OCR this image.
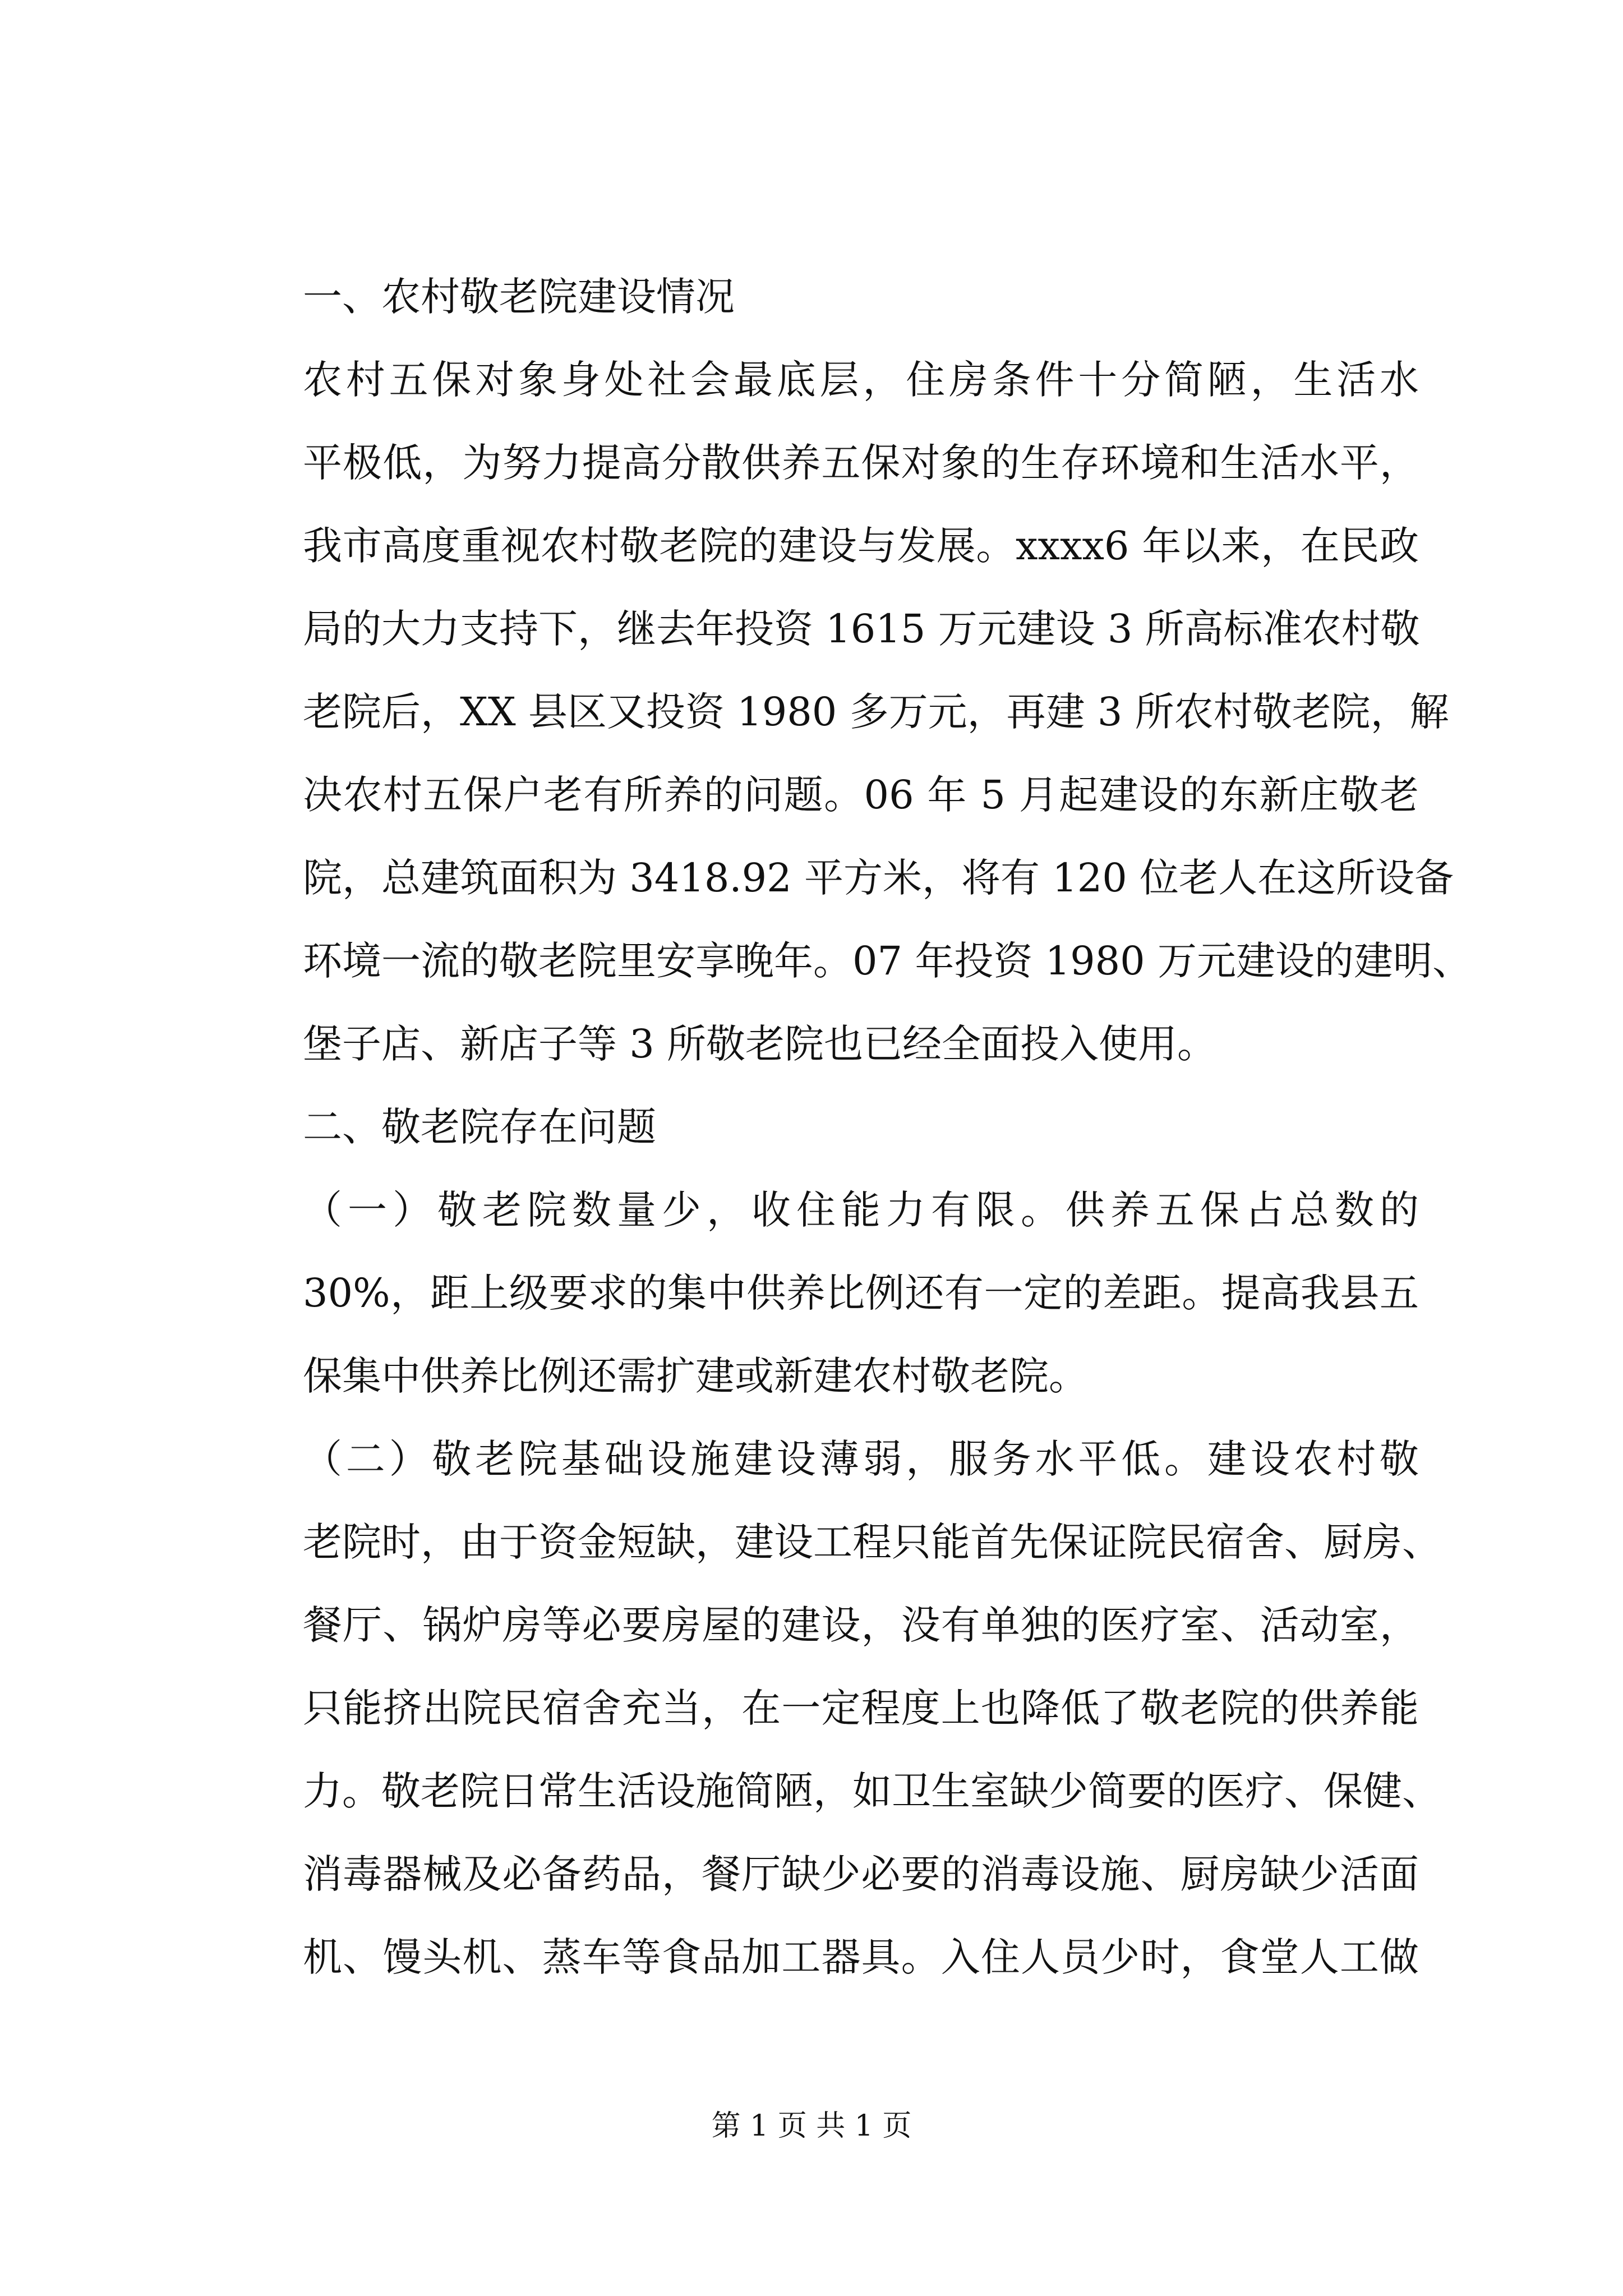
一、农村敬老院建设情况
农村五保对象身处社会最底层，住房条件十分简陋，生活水
平极低，为努力提高分散供养五保对象的生存环境和生活水平，
我市高度重视农村敬老院的建设与发展。xxxx6 年以来，在民政
局的大力支持下，继去年投资 1615 万元建设 3 所高标准农村敬
老院后，XX 县区又投资 1980 多万元，再建 3 所农村敬老院，解
决农村五保户老有所养的问题。06 年 5 月起建设的东新庄敬老
院，总建筑面积为 3418.92 平方米，将有 120 位老人在这所设备
环境一流的敬老院里安享晚年。07 年投资 1980 万元建设的建明、
堡子店、新店子等 3 所敬老院也已经全面投入使用。
二、敬老院存在问题
（一）敬老院数量少，收住能力有限。供养五保占总数的
30%，距上级要求的集中供养比例还有一定的差距。提高我县五
保集中供养比例还需扩建或新建农村敬老院。
（二）敬老院基础设施建设薄弱，服务水平低。建设农村敬
老院时，由于资金短缺，建设工程只能首先保证院民宿舍、厨房、
餐厅、锅炉房等必要房屋的建设，没有单独的医疗室、活动室，
只能挤出院民宿舍充当，在一定程度上也降低了敬老院的供养能
力。敬老院日常生活设施简陋，如卫生室缺少简要的医疗、保健、
消毒器械及必备药品，餐厅缺少必要的消毒设施、厨房缺少活面
机、馒头机、蒸车等食品加工器具。入住人员少时，食堂人工做
第 1 页 共 1 页
